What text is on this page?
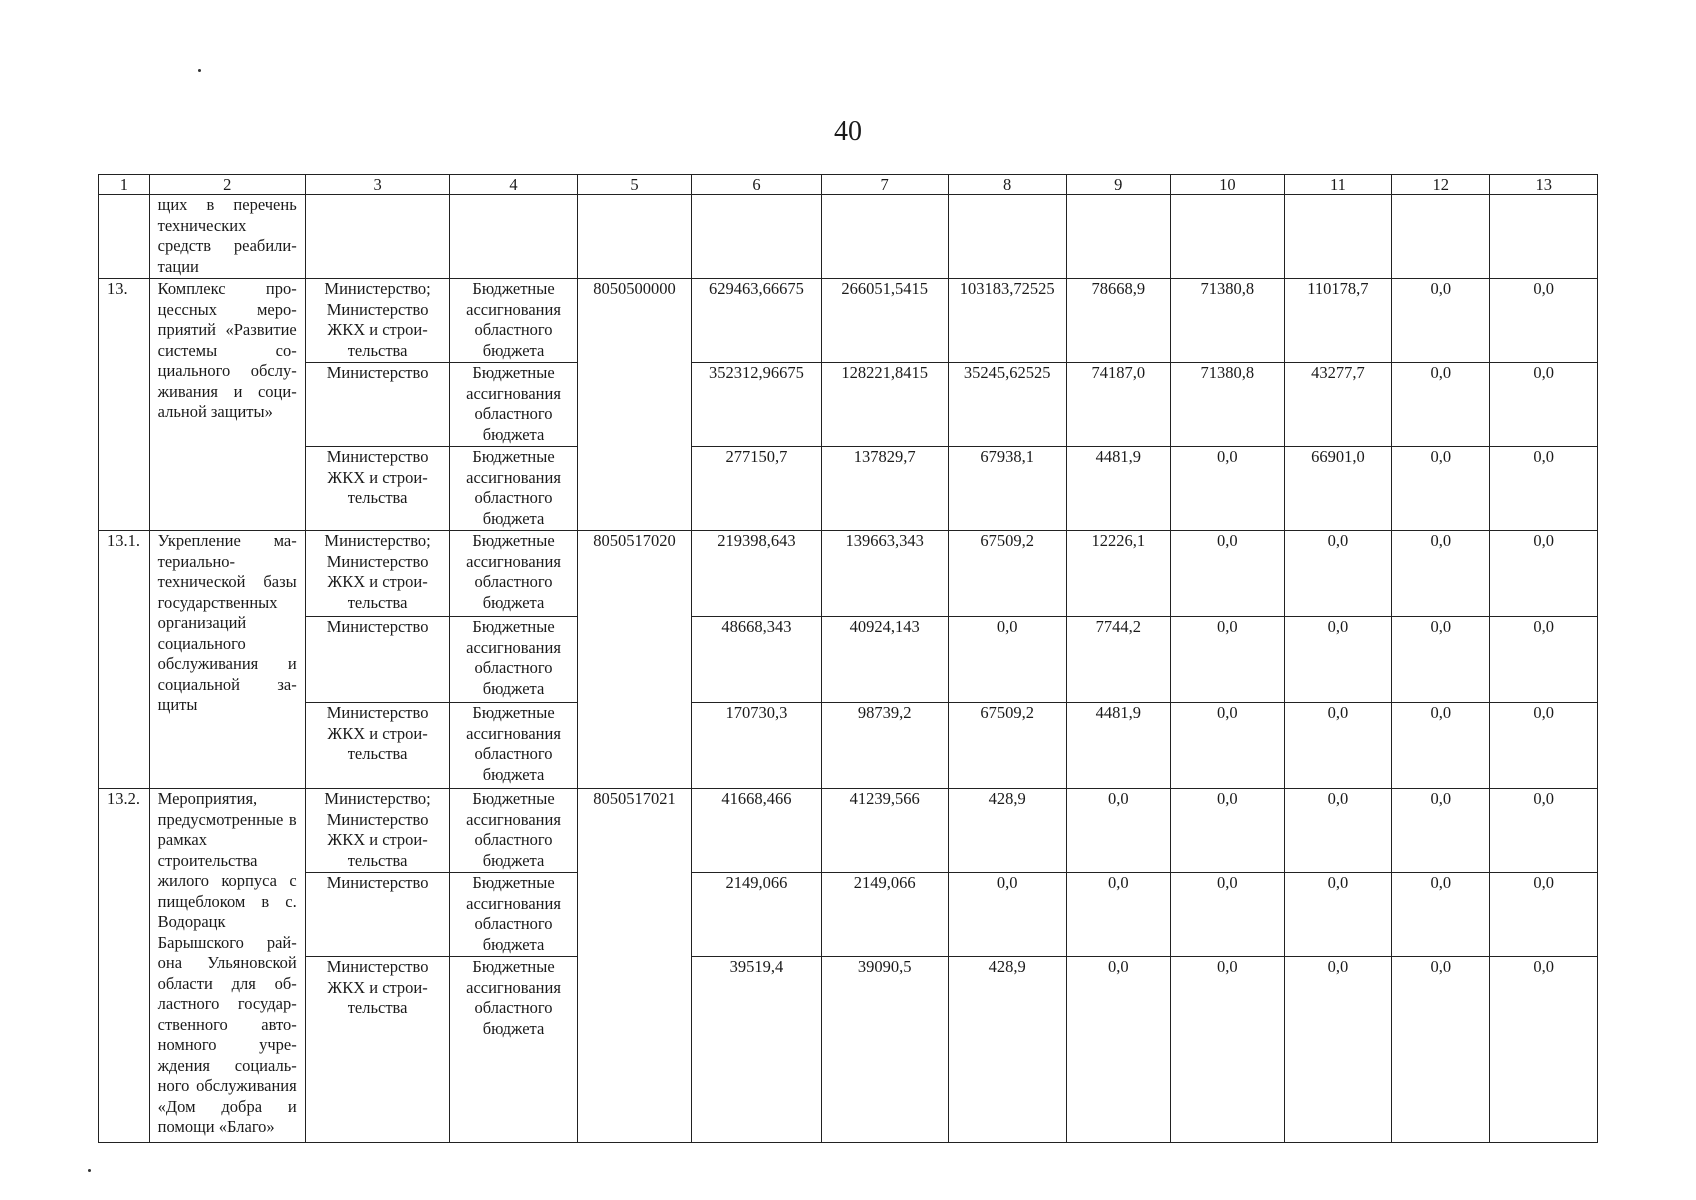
40
1	2	3	4	5	6	7	8	9	10	11	12	13
	щих в перечень технических средств реабилитации											
13.	Комплекс процессных мероприятий «Развитие системы социального обслуживания и социальной защиты»	Министерство; Министерство ЖКХ и строительства	Бюджетные ассигнования областного бюджета	8050500000	629463,66675	266051,5415	103183,72525	78668,9	71380,8	110178,7	0,0	0,0
		Министерство	Бюджетные ассигнования областного бюджета		352312,96675	128221,8415	35245,62525	74187,0	71380,8	43277,7	0,0	0,0
		Министерство ЖКХ и строительства	Бюджетные ассигнования областного бюджета		277150,7	137829,7	67938,1	4481,9	0,0	66901,0	0,0	0,0
13.1.	Укрепление материально-технической базы государственных организаций социального обслуживания и социальной защиты	Министерство; Министерство ЖКХ и строительства	Бюджетные ассигнования областного бюджета	8050517020	219398,643	139663,343	67509,2	12226,1	0,0	0,0	0,0	0,0
		Министерство	Бюджетные ассигнования областного бюджета		48668,343	40924,143	0,0	7744,2	0,0	0,0	0,0	0,0
		Министерство ЖКХ и строительства	Бюджетные ассигнования областного бюджета		170730,3	98739,2	67509,2	4481,9	0,0	0,0	0,0	0,0
13.2.	Мероприятия, предусмотренные в рамках строительства жилого корпуса с пищеблоком в с. Водорацк Барышского района Ульяновской области для областного государственного автономного учреждения социального обслуживания «Дом добра и помощи «Благо»	Министерство; Министерство ЖКХ и строительства	Бюджетные ассигнования областного бюджета	8050517021	41668,466	41239,566	428,9	0,0	0,0	0,0	0,0	0,0
		Министерство	Бюджетные ассигнования областного бюджета		2149,066	2149,066	0,0	0,0	0,0	0,0	0,0	0,0
		Министерство ЖКХ и строительства	Бюджетные ассигнования областного бюджета		39519,4	39090,5	428,9	0,0	0,0	0,0	0,0	0,0
